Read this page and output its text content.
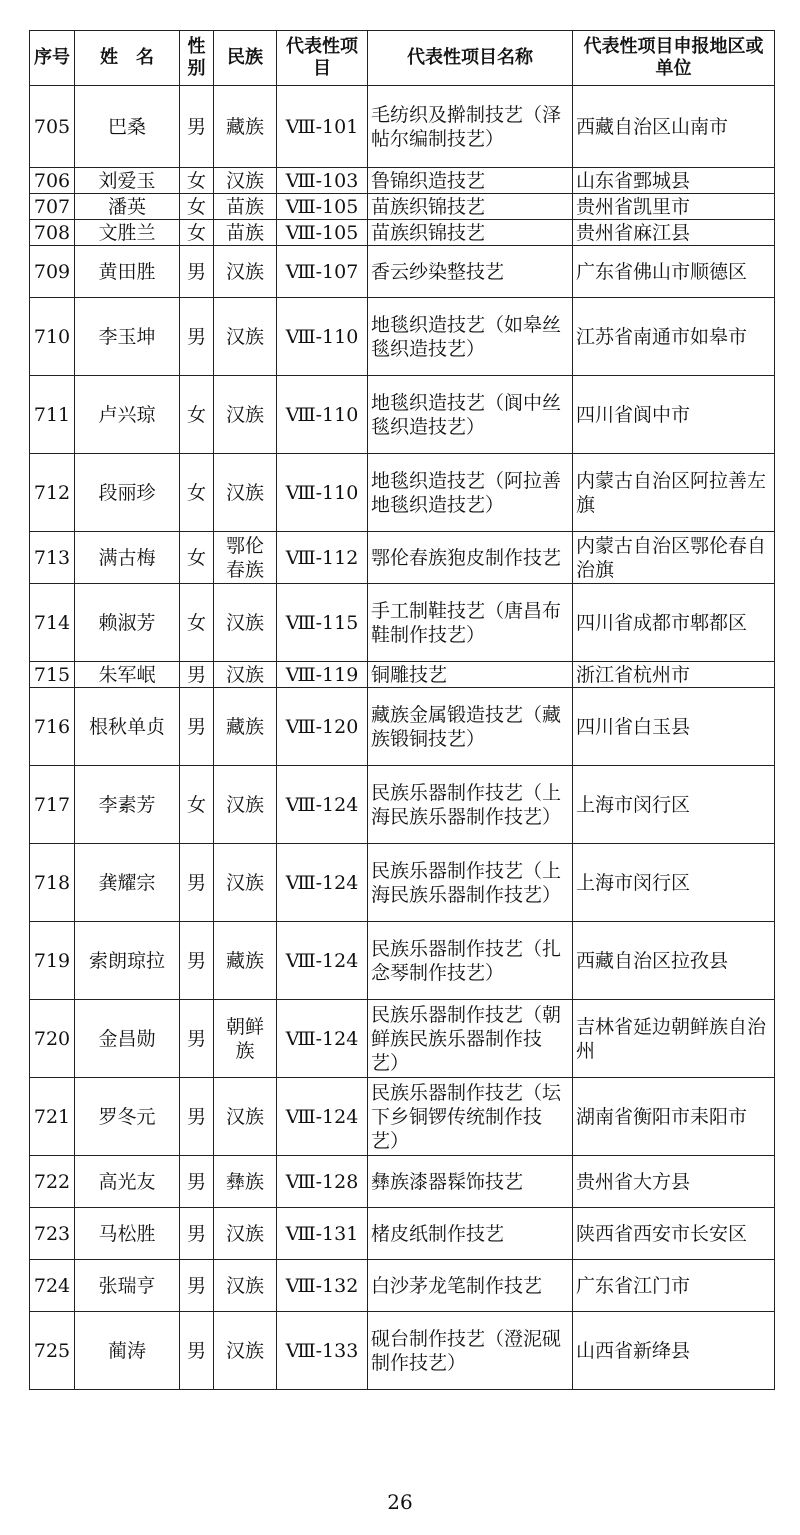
序号	姓　名	性别	民族	代表性项目	代表性项目名称	代表性项目申报地区或单位
705	巴桑	男	藏族	Ⅷ-101	毛纺织及擀制技艺（泽帖尔编制技艺）	西藏自治区山南市
706	刘爱玉	女	汉族	Ⅷ-103	鲁锦织造技艺	山东省鄄城县
707	潘英	女	苗族	Ⅷ-105	苗族织锦技艺	贵州省凯里市
708	文胜兰	女	苗族	Ⅷ-105	苗族织锦技艺	贵州省麻江县
709	黄田胜	男	汉族	Ⅷ-107	香云纱染整技艺	广东省佛山市顺德区
710	李玉坤	男	汉族	Ⅷ-110	地毯织造技艺（如皋丝毯织造技艺）	江苏省南通市如皋市
711	卢兴琼	女	汉族	Ⅷ-110	地毯织造技艺（阆中丝毯织造技艺）	四川省阆中市
712	段丽珍	女	汉族	Ⅷ-110	地毯织造技艺（阿拉善地毯织造技艺）	内蒙古自治区阿拉善左旗
713	满古梅	女	鄂伦春族	Ⅷ-112	鄂伦春族狍皮制作技艺	内蒙古自治区鄂伦春自治旗
714	赖淑芳	女	汉族	Ⅷ-115	手工制鞋技艺（唐昌布鞋制作技艺）	四川省成都市郫都区
715	朱军岷	男	汉族	Ⅷ-119	铜雕技艺	浙江省杭州市
716	根秋单贞	男	藏族	Ⅷ-120	藏族金属锻造技艺（藏族锻铜技艺）	四川省白玉县
717	李素芳	女	汉族	Ⅷ-124	民族乐器制作技艺（上海民族乐器制作技艺）	上海市闵行区
718	龚耀宗	男	汉族	Ⅷ-124	民族乐器制作技艺（上海民族乐器制作技艺）	上海市闵行区
719	索朗琼拉	男	藏族	Ⅷ-124	民族乐器制作技艺（扎念琴制作技艺）	西藏自治区拉孜县
720	金昌勋	男	朝鲜族	Ⅷ-124	民族乐器制作技艺（朝鲜族民族乐器制作技艺）	吉林省延边朝鲜族自治州
721	罗冬元	男	汉族	Ⅷ-124	民族乐器制作技艺（坛下乡铜锣传统制作技艺）	湖南省衡阳市耒阳市
722	高光友	男	彝族	Ⅷ-128	彝族漆器髹饰技艺	贵州省大方县
723	马松胜	男	汉族	Ⅷ-131	楮皮纸制作技艺	陕西省西安市长安区
724	张瑞亨	男	汉族	Ⅷ-132	白沙茅龙笔制作技艺	广东省江门市
725	蔺涛	男	汉族	Ⅷ-133	砚台制作技艺（澄泥砚制作技艺）	山西省新绛县
26
